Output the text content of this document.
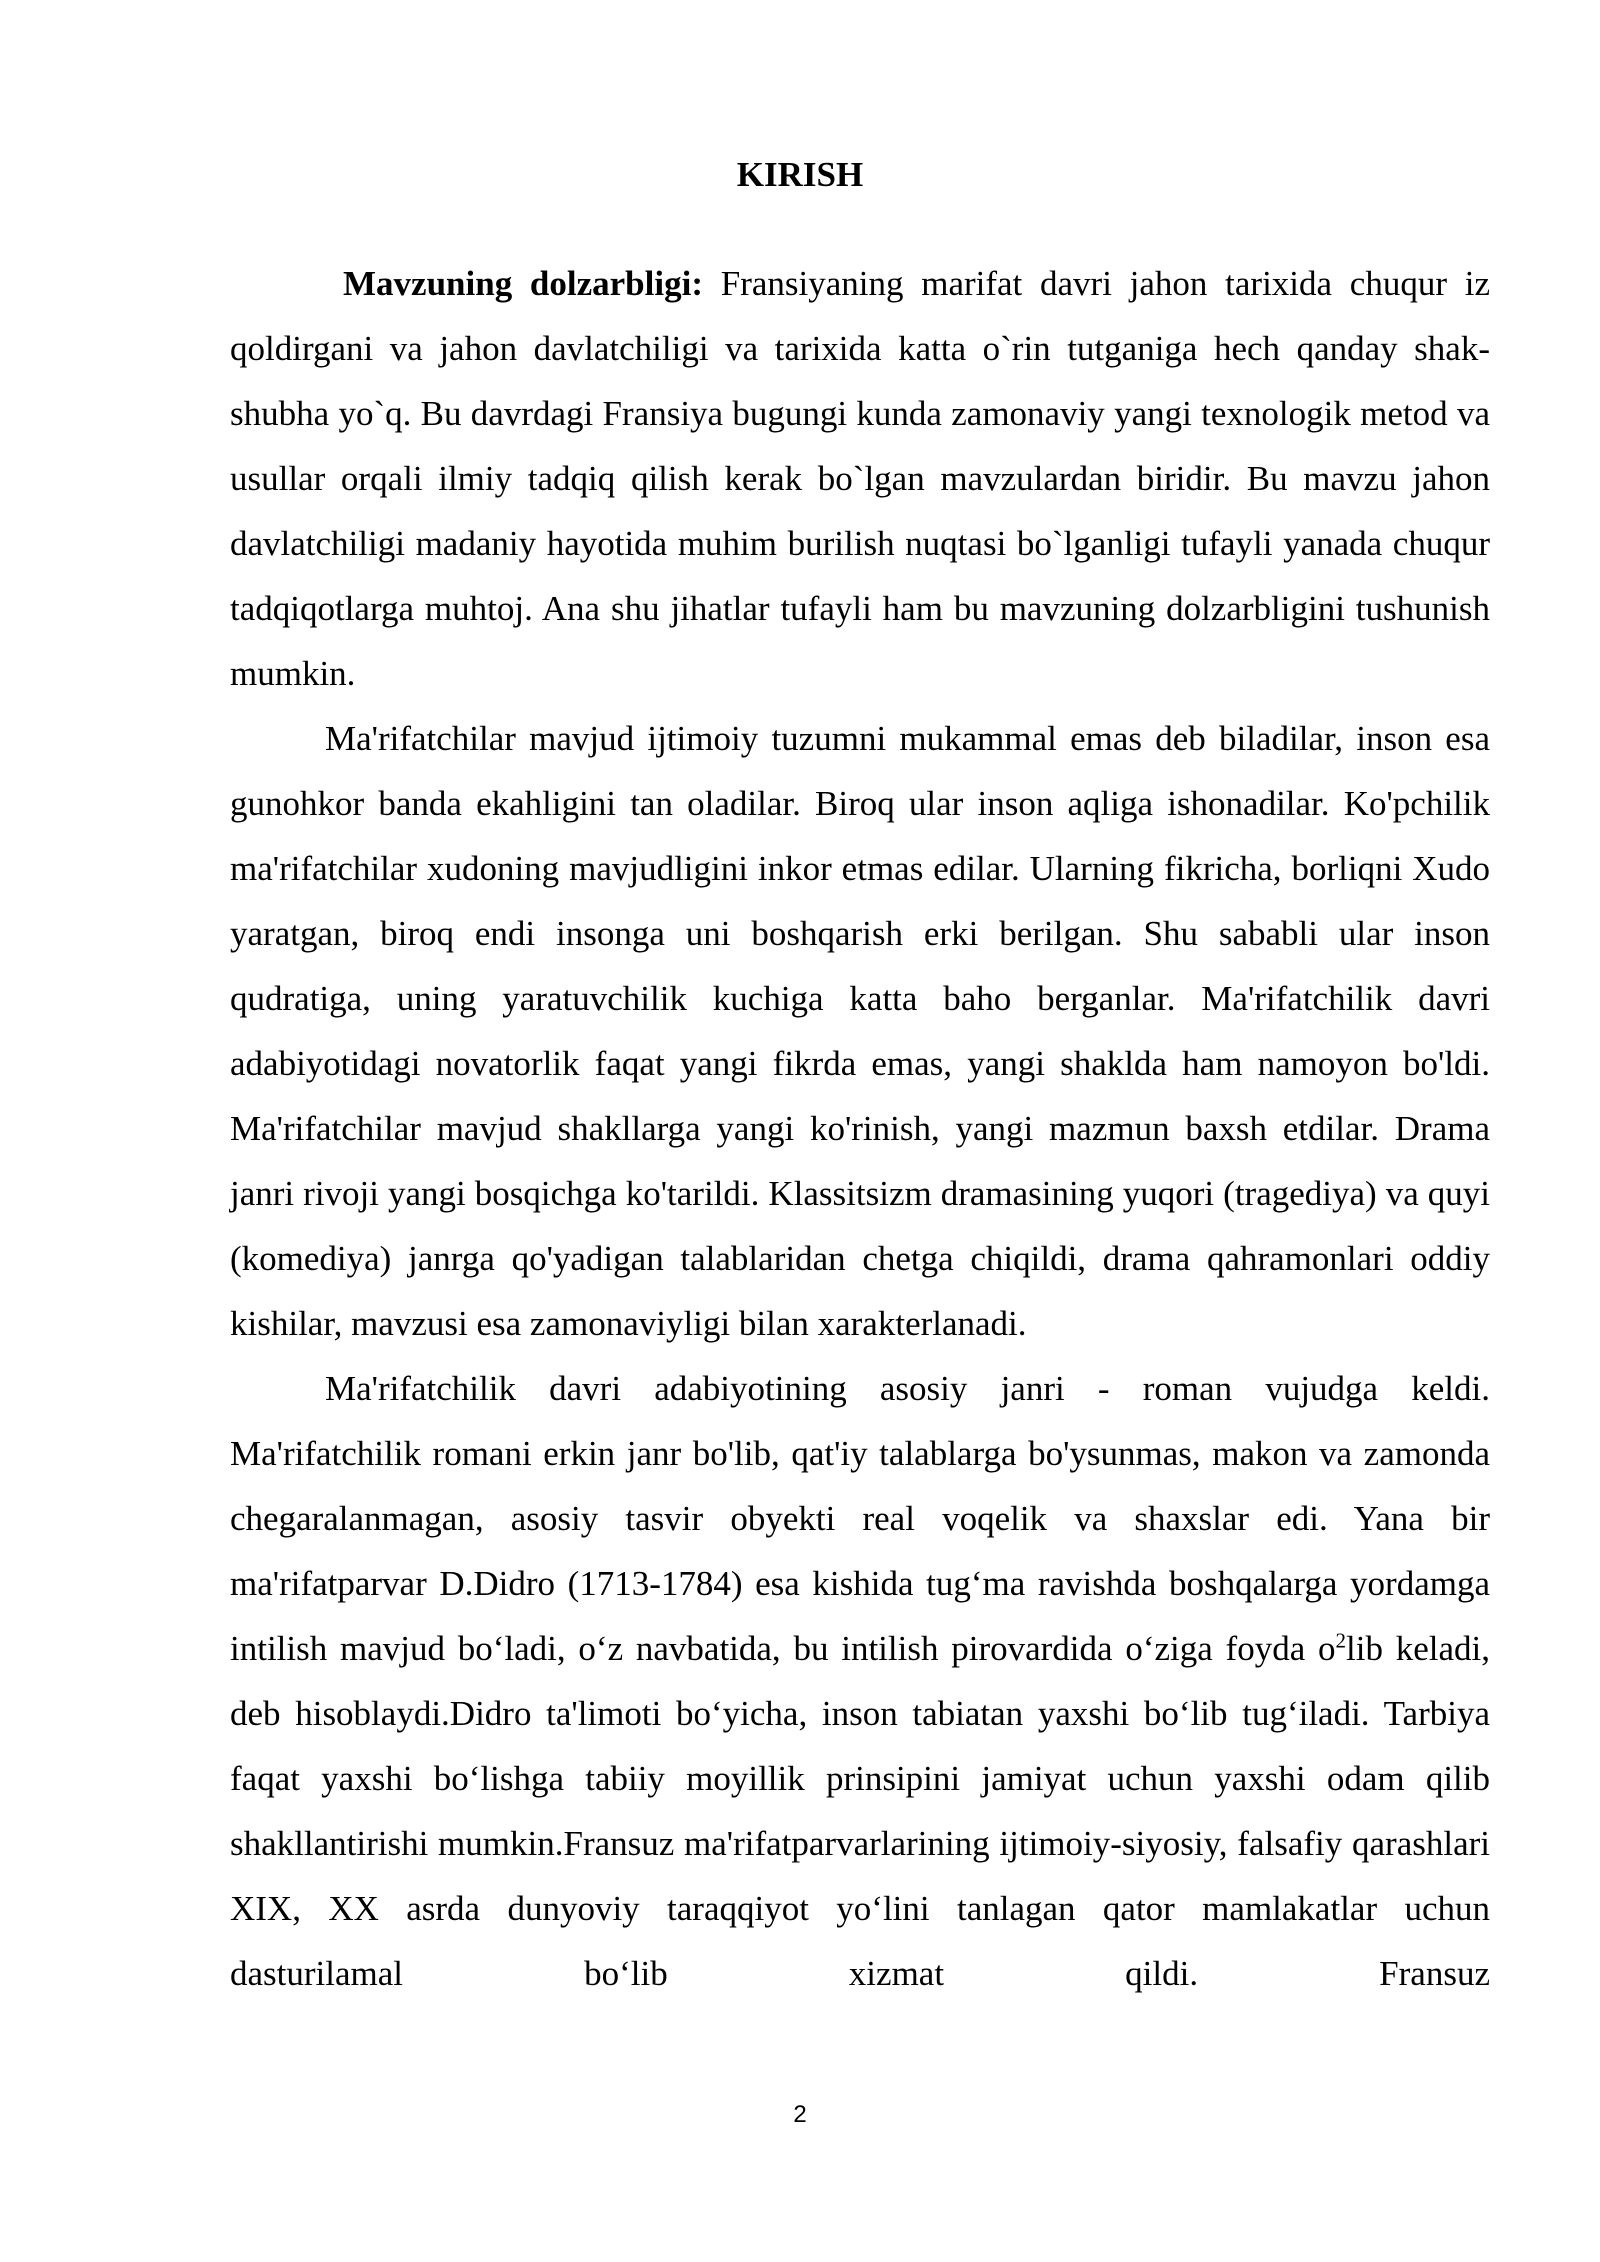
KIRISH

Mavzuning dolzarbligi: Fransiyaning marifat davri jahon tarixida chuqur iz qoldirgani va jahon davlatchiligi va tarixida katta o`rin tutganiga hech qanday shak-shubha yo`q. Bu davrdagi Fransiya bugungi kunda zamonaviy yangi texnologik metod va usullar orqali ilmiy tadqiq qilish kerak bo`lgan mavzulardan biridir. Bu mavzu jahon davlatchiligi madaniy hayotida muhim burilish nuqtasi bo`lganligi tufayli yanada chuqur tadqiqotlarga muhtoj. Ana shu jihatlar tufayli ham bu mavzuning dolzarbligini tushunish mumkin.

Ma'rifatchilar mavjud ijtimoiy tuzumni mukammal emas deb biladilar, inson esa gunohkor banda ekahligini tan oladilar. Biroq ular inson aqliga ishonadilar. Ko'pchilik ma'rifatchilar xudoning mavjudligini inkor etmas edilar. Ularning fikricha, borliqni Xudo yaratgan, biroq endi insonga uni boshqarish erki berilgan. Shu sababli ular inson qudratiga, uning yaratuvchilik kuchiga katta baho berganlar. Ma'rifatchilik davri adabiyotidagi novatorlik faqat yangi fikrda emas, yangi shaklda ham namoyon bo'ldi. Ma'rifatchilar mavjud shakllarga yangi ko'rinish, yangi mazmun baxsh etdilar. Drama janri rivoji yangi bosqichga ko'tarildi. Klassitsizm dramasining yuqori (tragediya) va quyi (komediya) janrga qo'yadigan talablaridan chetga chiqildi, drama qahramonlari oddiy kishilar, mavzusi esa zamonaviyligi bilan xarakterlanadi.

Ma'rifatchilik davri adabiyotining asosiy janri - roman vujudga keldi. Ma'rifatchilik romani erkin janr bo'lib, qat'iy talablarga bo'ysunmas, makon va zamonda chegaralanmagan, asosiy tasvir obyekti real voqelik va shaxslar edi. Yana bir ma'rifatparvar D.Didro (1713-1784) esa kishida tug‘ma ravishda boshqalarga yordamga intilish mavjud bo‘ladi, o‘z navbatida, bu intilish pirovardida o‘ziga foyda $o^2lib$ keladi, deb hisoblaydi.Didro ta'limoti bo‘yicha, inson tabiatan yaxshi bo‘lib tug‘iladi. Tarbiya faqat yaxshi bo‘lishga tabiiy moyillik prinsipini jamiyat uchun yaxshi odam qilib shakllantirishi mumkin.Fransuz ma'rifatparvarlarining ijtimoiy-siyosiy, falsafiy qarashlari XIX, XX asrda dunyoviy taraqqiyot yo‘lini tanlagan qator mamlakatlar uchun dasturilamal bo‘lib xizmat qildi. Fransuz

2
